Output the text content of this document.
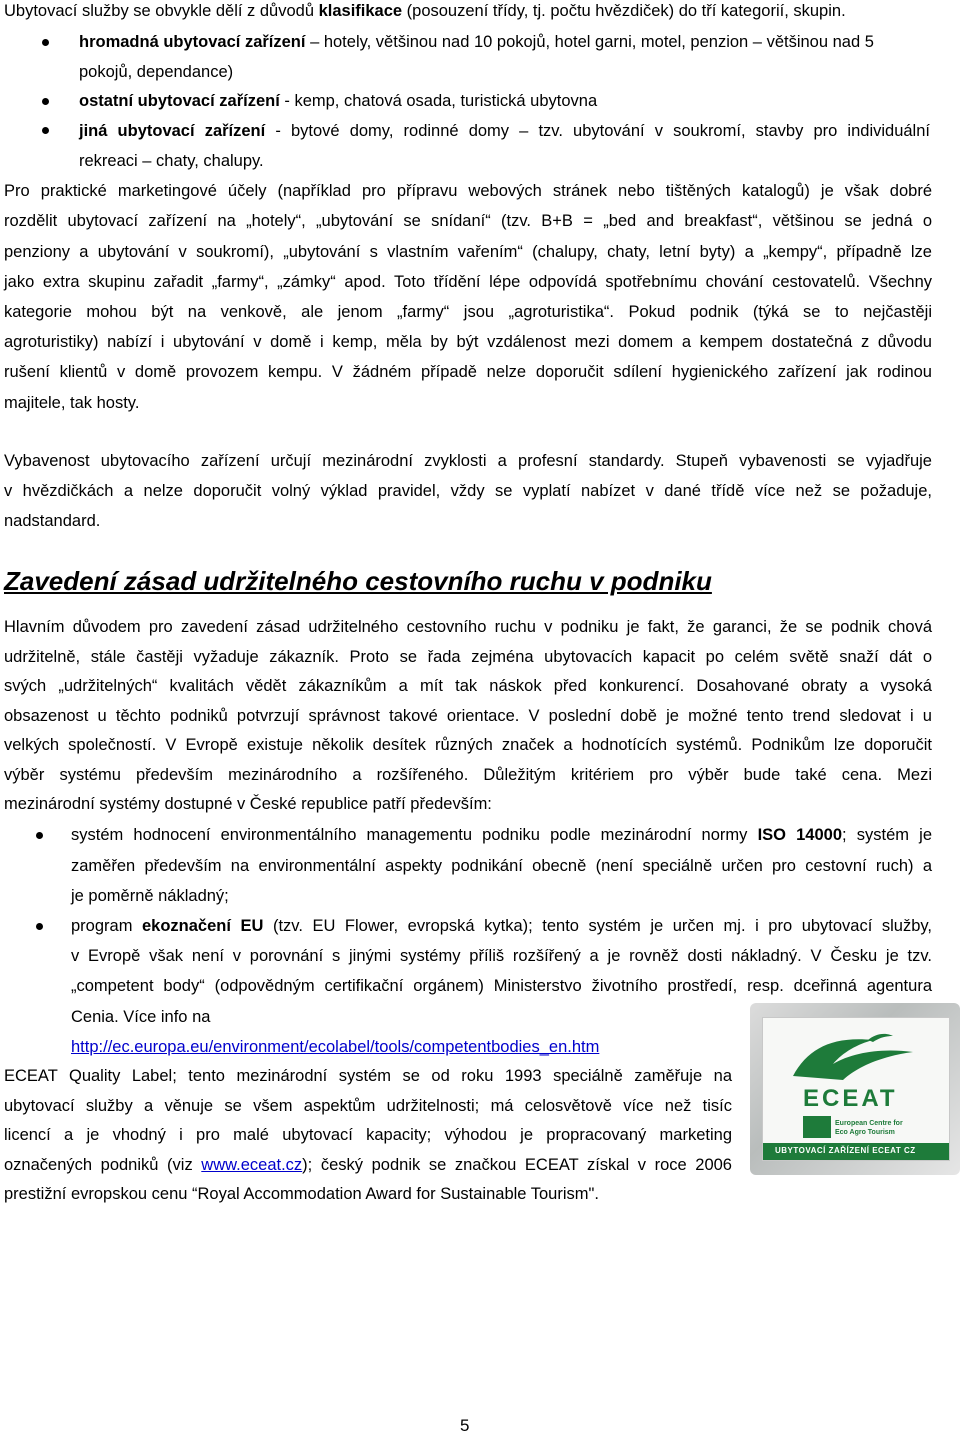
Ubytovací služby se obvykle dělí z důvodů klasifikace (posouzení třídy, tj. počtu hvězdiček) do tří kategorií, skupin.
hromadná ubytovací zařízení – hotely, většinou nad 10 pokojů, hotel garni, motel, penzion – většinou nad 5
pokojů, dependance)
ostatní ubytovací zařízení - kemp, chatová osada, turistická ubytovna
jiná ubytovací zařízení - bytové domy, rodinné domy – tzv. ubytování v soukromí, stavby pro individuální
rekreaci – chaty, chalupy.
Pro praktické marketingové účely (například pro přípravu webových stránek nebo tištěných katalogů) je však dobré
rozdělit ubytovací zařízení na „hotely“, „ubytování se snídaní“ (tzv. B+B = „bed and breakfast“, většinou se jedná o
penziony a ubytování v soukromí), „ubytování s vlastním vařením“ (chalupy, chaty, letní byty) a „kempy“, případně lze
jako extra skupinu zařadit „farmy“, „zámky“ apod. Toto třídění lépe odpovídá spotřebnímu chování cestovatelů. Všechny
kategorie mohou být na venkově, ale jenom „farmy“ jsou „agroturistika“. Pokud podnik (týká se to nejčastěji
agroturistiky) nabízí i ubytování v domě i kemp, měla by být vzdálenost mezi domem a kempem dostatečná z důvodu
rušení klientů v domě provozem kempu. V žádném případě nelze doporučit sdílení hygienického zařízení jak rodinou
majitele, tak hosty.
Vybavenost ubytovacího zařízení určují mezinárodní zvyklosti a profesní standardy. Stupeň vybavenosti se vyjadřuje
v hvězdičkách a nelze doporučit volný výklad pravidel, vždy se vyplatí nabízet v dané třídě více než se požaduje,
nadstandard.
Zavedení zásad udržitelného cestovního ruchu v podniku
Hlavním důvodem pro zavedení zásad udržitelného cestovního ruchu v podniku je fakt, že garanci, že se podnik chová
udržitelně, stále častěji vyžaduje zákazník. Proto se řada zejména ubytovacích kapacit po celém světě snaží dát o
svých „udržitelných“ kvalitách vědět zákazníkům a mít tak náskok před konkurencí. Dosahované obraty a vysoká
obsazenost u těchto podniků potvrzují správnost takové orientace. V poslední době je možné tento trend sledovat i u
velkých společností. V Evropě existuje několik desítek různých značek a hodnotících systémů. Podnikům lze doporučit
výběr systému především mezinárodního a rozšířeného. Důležitým kritériem pro výběr bude také cena. Mezi
mezinárodní systémy dostupné v České republice patří především:
systém hodnocení environmentálního managementu podniku podle mezinárodní normy ISO 14000; systém je
zaměřen především na environmentální aspekty podnikání obecně (není speciálně určen pro cestovní ruch) a
je poměrně nákladný;
program ekoznačení EU (tzv. EU Flower, evropská kytka); tento systém je určen mj. i pro ubytovací služby,
v Evropě však není v porovnání s jinými systémy příliš rozšířený a je rovněž dosti nákladný. V Česku je tzv.
„competent body“ (odpovědným certifikační orgánem) Ministerstvo životního prostředí, resp. dceřinná agentura
Cenia. Více info na
http://ec.europa.eu/environment/ecolabel/tools/competentbodies_en.htm
ECEAT Quality Label; tento mezinárodní systém se od roku 1993 speciálně zaměřuje na
ubytovací služby a věnuje se všem aspektům udržitelnosti; má celosvětově více než tisíc
licencí a je vhodný i pro malé ubytovací kapacity; výhodou je propracovaný marketing
označených podniků (viz www.eceat.cz); český podnik se značkou ECEAT získal v roce 2006
prestižní evropskou cenu “Royal Accommodation Award for Sustainable Tourism".
ECEAT
European Centre for
Eco Agro Tourism
UBYTOVACÍ ZAŘÍZENÍ ECEAT CZ
5
